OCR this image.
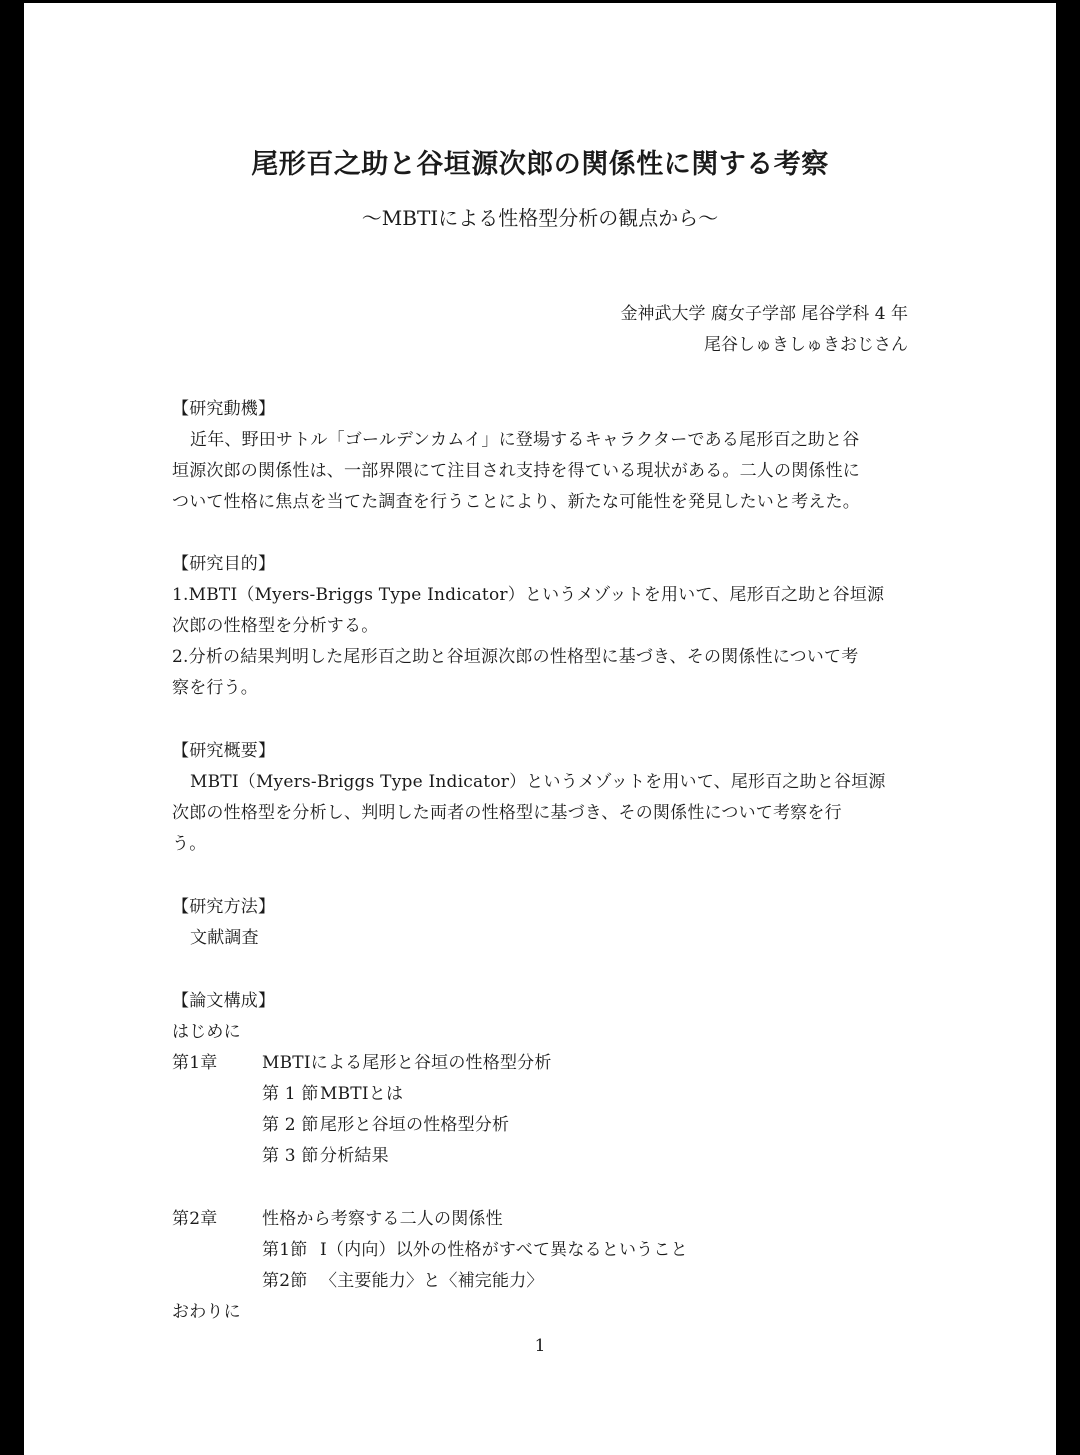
尾形百之助と谷垣源次郎の関係性に関する考察
〜MBTIによる性格型分析の観点から〜
金神武大学 腐女子学部 尾谷学科 4 年
尾谷しゅきしゅきおじさん
【研究動機】
近年、野田サトル「ゴールデンカムイ」に登場するキャラクターである尾形百之助と谷
垣源次郎の関係性は、一部界隈にて注目され支持を得ている現状がある。二人の関係性に
ついて性格に焦点を当てた調査を行うことにより、新たな可能性を発見したいと考えた。
【研究目的】
1.MBTI（Myers-Briggs Type Indicator）というメゾットを用いて、尾形百之助と谷垣源
次郎の性格型を分析する。
2.分析の結果判明した尾形百之助と谷垣源次郎の性格型に基づき、その関係性について考
察を行う。
【研究概要】
MBTI（Myers-Briggs Type Indicator）というメゾットを用いて、尾形百之助と谷垣源
次郎の性格型を分析し、判明した両者の性格型に基づき、その関係性について考察を行
う。
【研究方法】
文献調査
【論文構成】
はじめに
第1章	MBTIによる尾形と谷垣の性格型分析
第 1 節 MBTIとは
第 2 節 尾形と谷垣の性格型分析
第 3 節 分析結果
第2章	性格から考察する二人の関係性
第1節 I（内向）以外の性格がすべて異なるということ
第2節 〈主要能力〉と〈補完能力〉
おわりに
1
